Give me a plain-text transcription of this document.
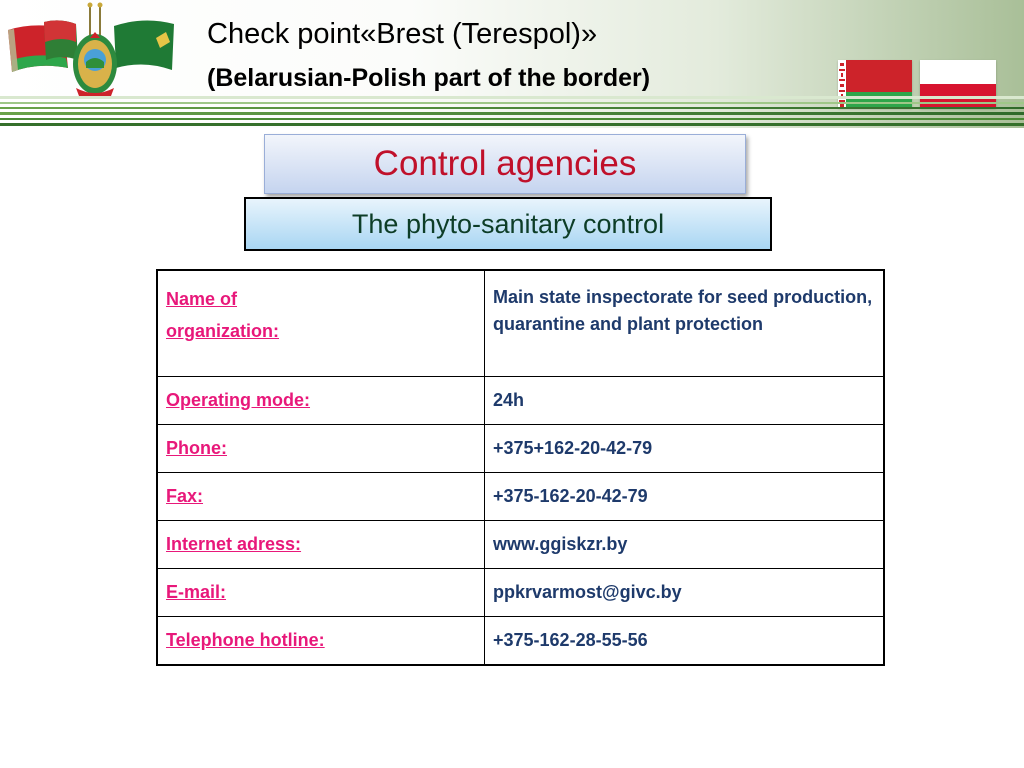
Check point«Brest (Terespol)»
(Belarusian-Polish part of the border)
Control agencies
The phyto-sanitary control
Name of organization:	Main state inspectorate for seed production, quarantine and plant protection
Operating mode:	24h
Phone:	+375+162-20-42-79
Fax:	+375-162-20-42-79
Internet adress:	www.ggiskzr.by
E-mail:	ppkrvarmost@givc.by
Telephone hotline:	+375-162-28-55-56
